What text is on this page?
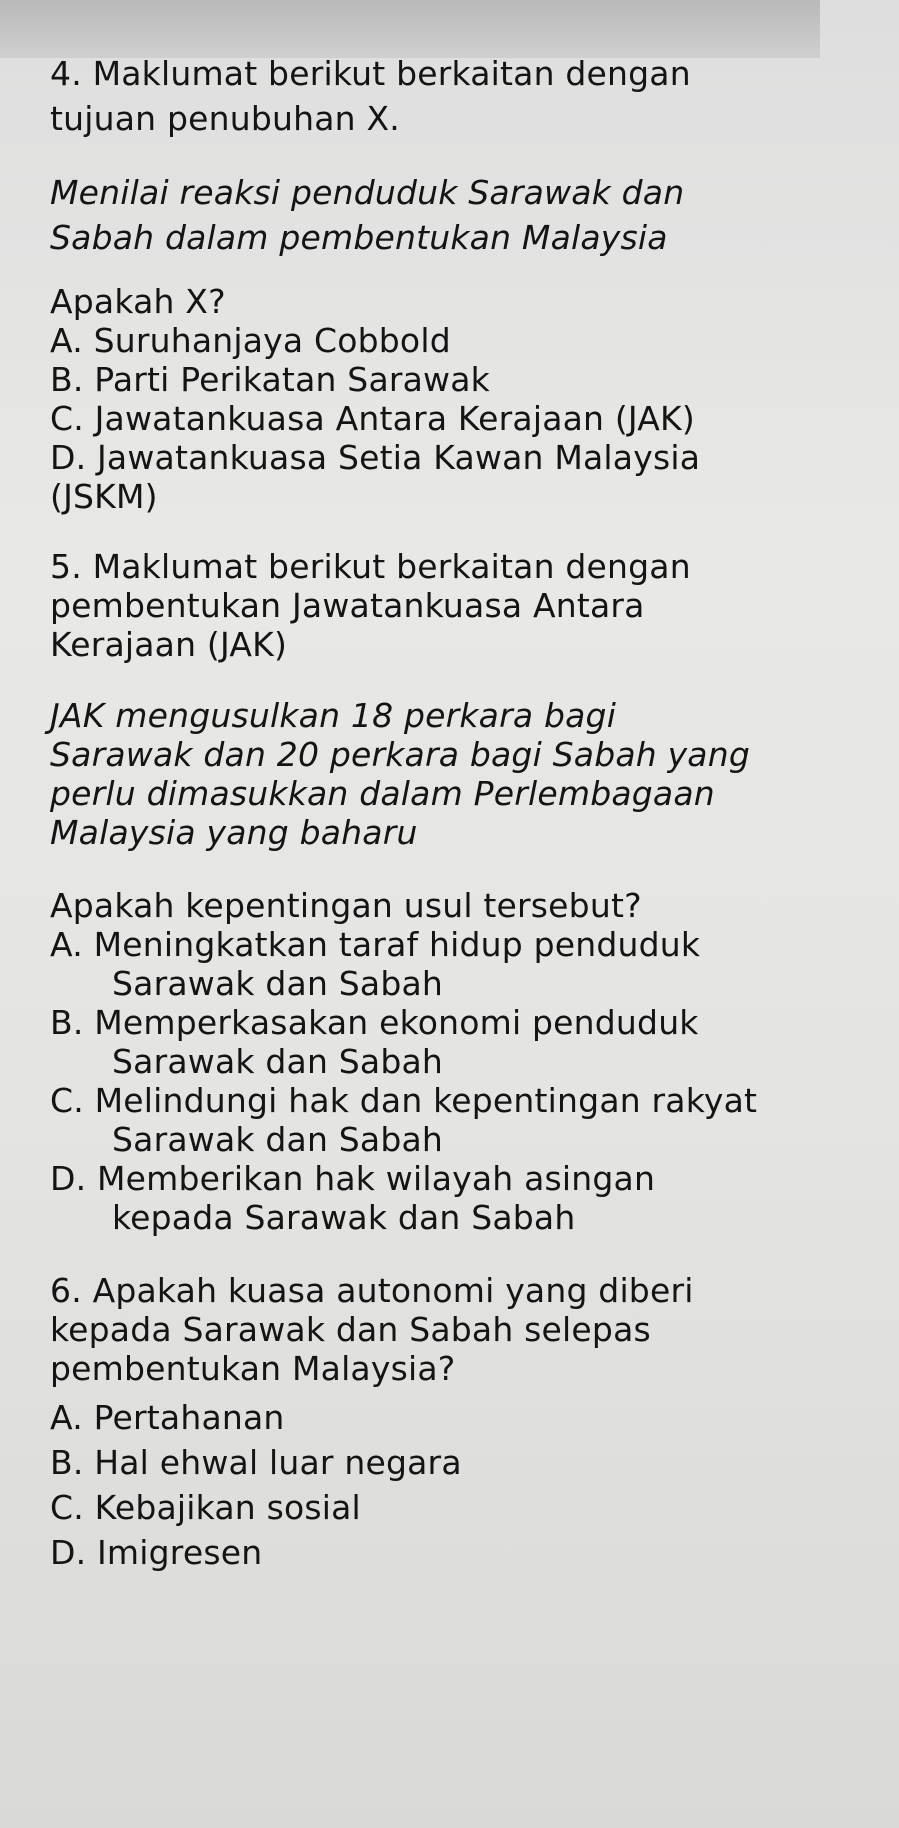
4. Maklumat berikut berkaitan dengan
tujuan penubuhan X.
Menilai reaksi penduduk Sarawak dan
Sabah dalam pembentukan Malaysia
Apakah X?
A. Suruhanjaya Cobbold
B. Parti Perikatan Sarawak
C. Jawatankuasa Antara Kerajaan (JAK)
D. Jawatankuasa Setia Kawan Malaysia
(JSKM)
5. Maklumat berikut berkaitan dengan
pembentukan Jawatankuasa Antara
Kerajaan (JAK)
JAK mengusulkan 18 perkara bagi
Sarawak dan 20 perkara bagi Sabah yang
perlu dimasukkan dalam Perlembagaan
Malaysia yang baharu
Apakah kepentingan usul tersebut?
A. Meningkatkan taraf hidup penduduk
Sarawak dan Sabah
B. Memperkasakan ekonomi penduduk
Sarawak dan Sabah
C. Melindungi hak dan kepentingan rakyat
Sarawak dan Sabah
D. Memberikan hak wilayah asingan
kepada Sarawak dan Sabah
6. Apakah kuasa autonomi yang diberi
kepada Sarawak dan Sabah selepas
pembentukan Malaysia?
A. Pertahanan
B. Hal ehwal luar negara
C. Kebajikan sosial
D. Imigresen
